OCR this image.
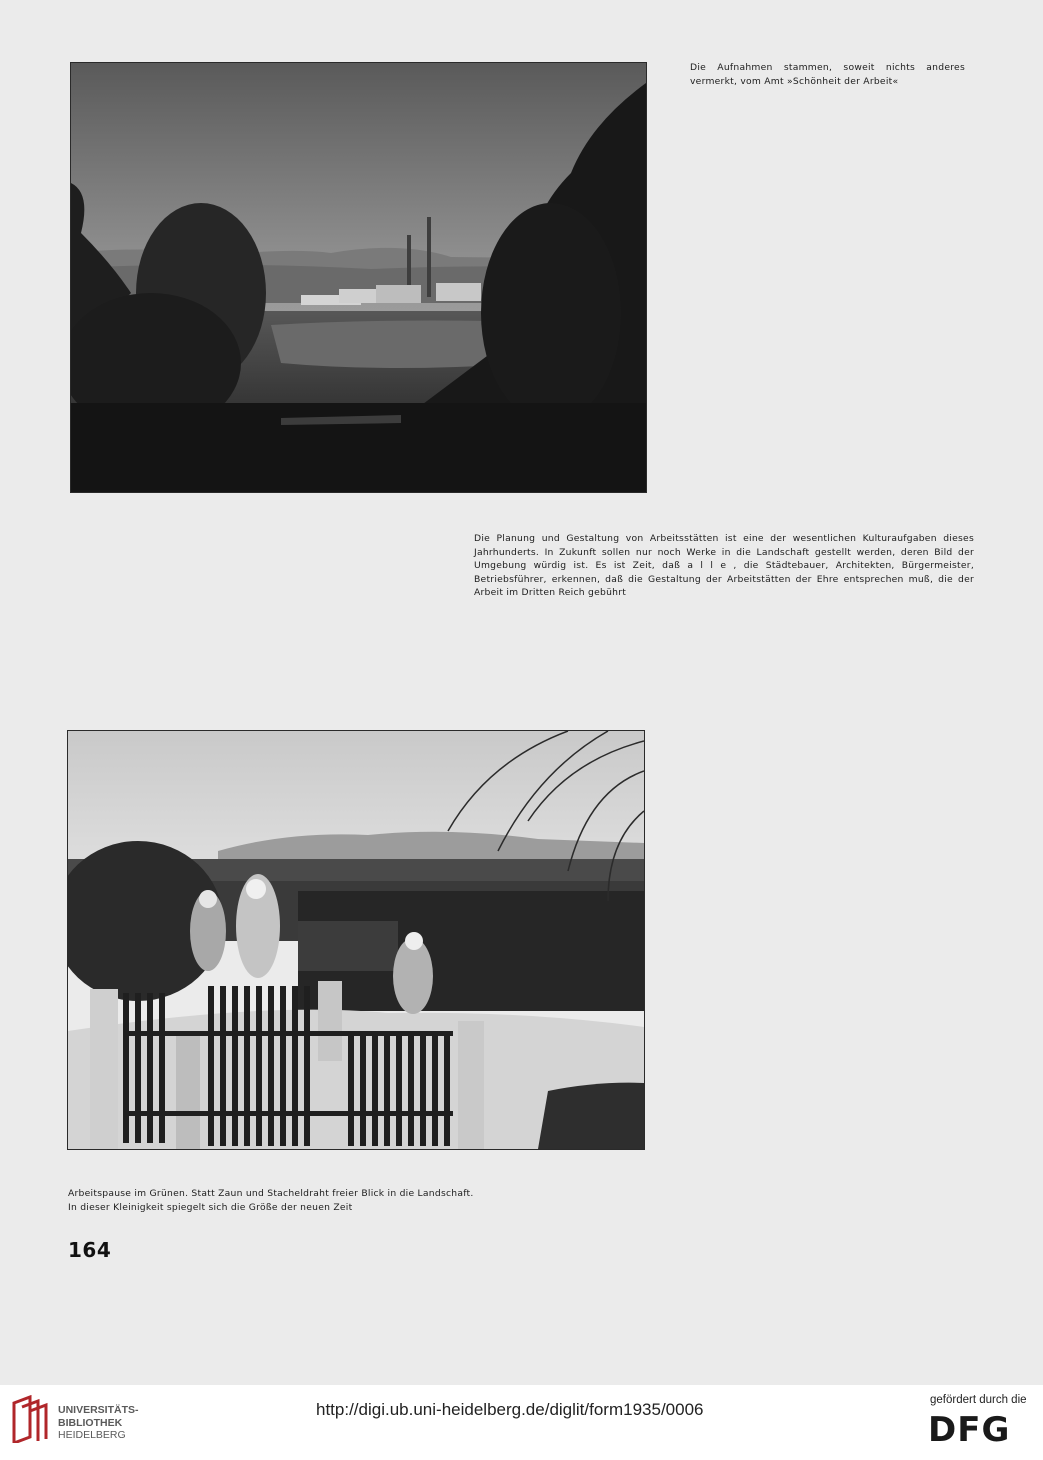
Die Aufnahmen stammen, soweit nichts anderes vermerkt, vom Amt »Schönheit der Arbeit«

Die Planung und Gestaltung von Arbeitsstätten ist eine der wesentlichen Kulturaufgaben dieses Jahrhunderts. In Zukunft sollen nur noch Werke in die Landschaft gestellt werden, deren Bild der Umgebung würdig ist. Es ist Zeit, daß a l l e , die Städtebauer, Architekten, Bürgermeister, Betriebsführer, erkennen, daß die Gestaltung der Arbeitstätten der Ehre entsprechen muß, die der Arbeit im Dritten Reich gebührt

Arbeitspause im Grünen. Statt Zaun und Stacheldraht freier Blick in die Landschaft.
In dieser Kleinigkeit spiegelt sich die Größe der neuen Zeit
164
UNIVERSITÄTS-
BIBLIOTHEK
HEIDELBERG
http://digi.ub.uni-heidelberg.de/diglit/form1935/0006	gefördert durch die
DFG
